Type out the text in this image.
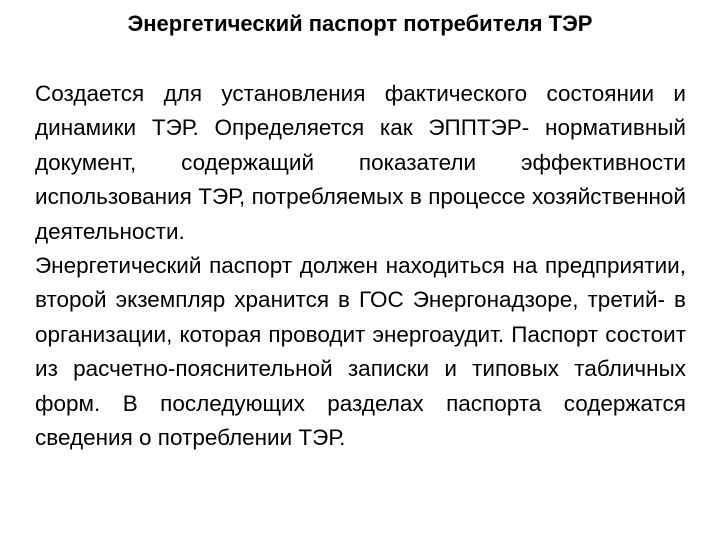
Энергетический паспорт потребителя ТЭР

Создается для установления фактического состоянии и динамики ТЭР. Определяется как ЭППТЭР- нормативный документ, содержащий показатели эффективности использования ТЭР, потребляемых в процессе хозяйственной деятельности.

Энергетический паспорт должен находиться на предприятии, второй экземпляр хранится в ГОС Энергонадзоре, третий- в организации, которая проводит энергоаудит. Паспорт состоит из расчетно-пояснительной записки и типовых табличных форм. В последующих разделах паспорта содержатся сведения о потреблении ТЭР.
